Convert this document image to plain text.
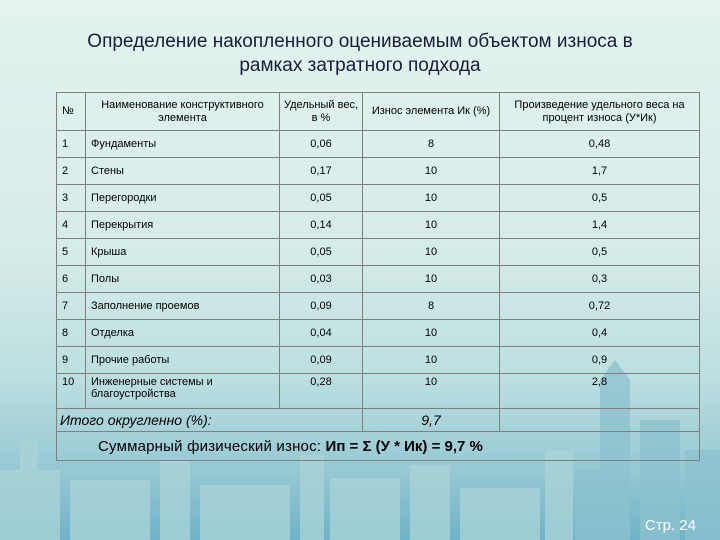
Определение накопленного оцениваемым объектом износа в
рамках затратного подхода
№	Наименование конструктивного элемента	Удельный вес, в %	Износ элемента Ик (%)	Произведение удельного веса на процент износа (У*Ик)
1	Фундаменты	0,06	8	0,48
2	Стены	0,17	10	1,7
3	Перегородки	0,05	10	0,5
4	Перекрытия	0,14	10	1,4
5	Крыша	0,05	10	0,5
6	Полы	0,03	10	0,3
7	Заполнение проемов	0,09	8	0,72
8	Отделка	0,04	10	0,4
9	Прочие работы	0,09	10	0,9
10	Инженерные системы и благоустройства	0,28	10	2,8
Итого округленно (%):			9,7	
Суммарный физический износ: Ип = Σ (У * Ик) = 9,7 %				
Стр. 24
